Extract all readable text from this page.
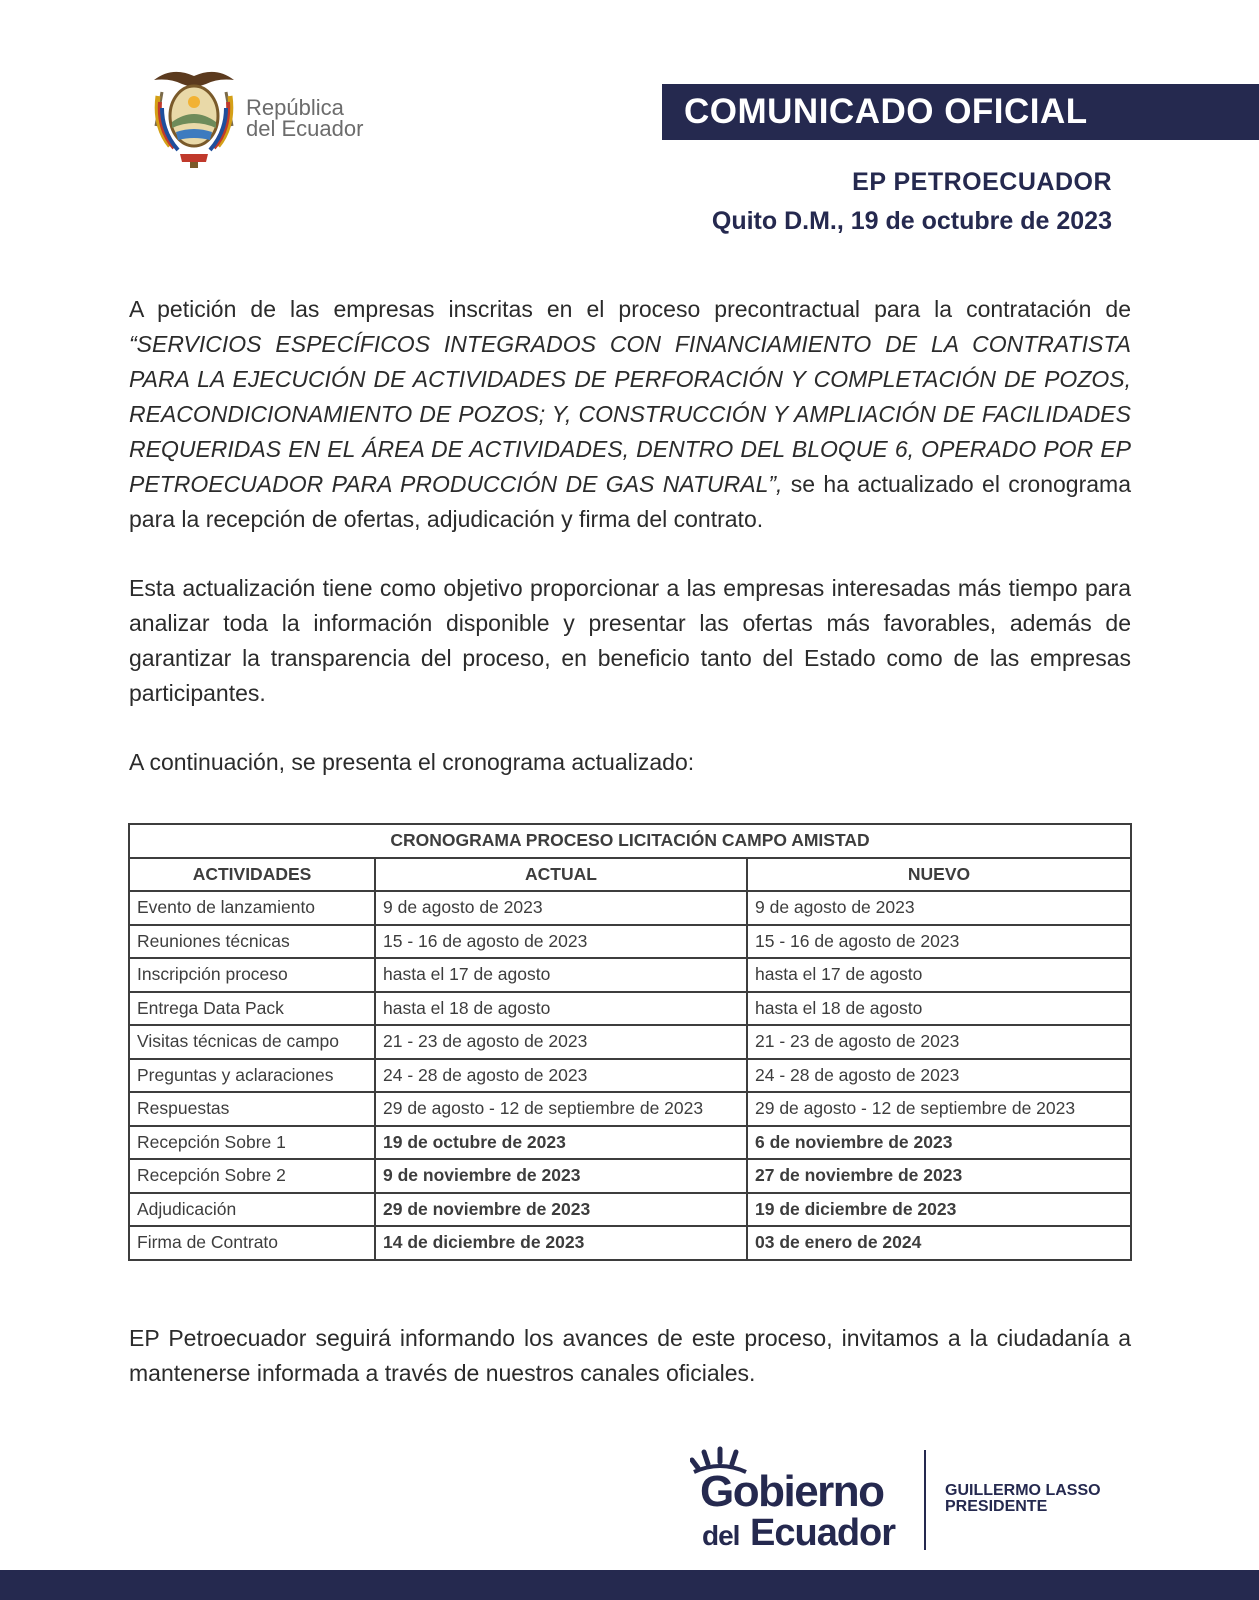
República
del Ecuador	COMUNICADO OFICIAL
EP PETROECUADOR
Quito D.M., 19 de octubre de 2023

A petición de las empresas inscritas en el proceso precontractual para la contratación de “SERVICIOS ESPECÍFICOS INTEGRADOS CON FINANCIAMIENTO DE LA CONTRATISTA PARA LA EJECUCIÓN DE ACTIVIDADES DE PERFORACIÓN Y COMPLETACIÓN DE POZOS, REACONDICIONAMIENTO DE POZOS; Y, CONSTRUCCIÓN Y AMPLIACIÓN DE FACILIDADES REQUERIDAS EN EL ÁREA DE ACTIVIDADES, DENTRO DEL BLOQUE 6, OPERADO POR EP PETROECUADOR PARA PRODUCCIÓN DE GAS NATURAL”, se ha actualizado el cronograma para la recepción de ofertas, adjudicación y firma del contrato.

Esta actualización tiene como objetivo proporcionar a las empresas interesadas más tiempo para analizar toda la información disponible y presentar las ofertas más favorables, además de garantizar la transparencia del proceso, en beneficio tanto del Estado como de las empresas participantes.

A continuación, se presenta el cronograma actualizado:

CRONOGRAMA PROCESO LICITACIÓN CAMPO AMISTAD		
ACTIVIDADES	ACTUAL	NUEVO
Evento de lanzamiento	9 de agosto de 2023	9 de agosto de 2023
Reuniones técnicas	15 - 16 de agosto de 2023	15 - 16 de agosto de 2023
Inscripción proceso	hasta el 17 de agosto	hasta el 17 de agosto
Entrega Data Pack	hasta el 18 de agosto	hasta el 18 de agosto
Visitas técnicas de campo	21 - 23 de agosto de 2023	21 - 23 de agosto de 2023
Preguntas y aclaraciones	24 - 28 de agosto de 2023	24 - 28 de agosto de 2023
Respuestas	29 de agosto - 12 de septiembre de 2023	29 de agosto - 12 de septiembre de 2023
Recepción Sobre 1	19 de octubre de 2023	6 de noviembre de 2023
Recepción Sobre 2	9 de noviembre de 2023	27 de noviembre de 2023
Adjudicación	29 de noviembre de 2023	19 de diciembre de 2023
Firma de Contrato	14 de diciembre de 2023	03 de enero de 2024

EP Petroecuador seguirá informando los avances de este proceso, invitamos a la ciudadanía a mantenerse informada a través de nuestros canales oficiales.

Gobierno
del Ecuador
GUILLERMO LASSO
PRESIDENTE
